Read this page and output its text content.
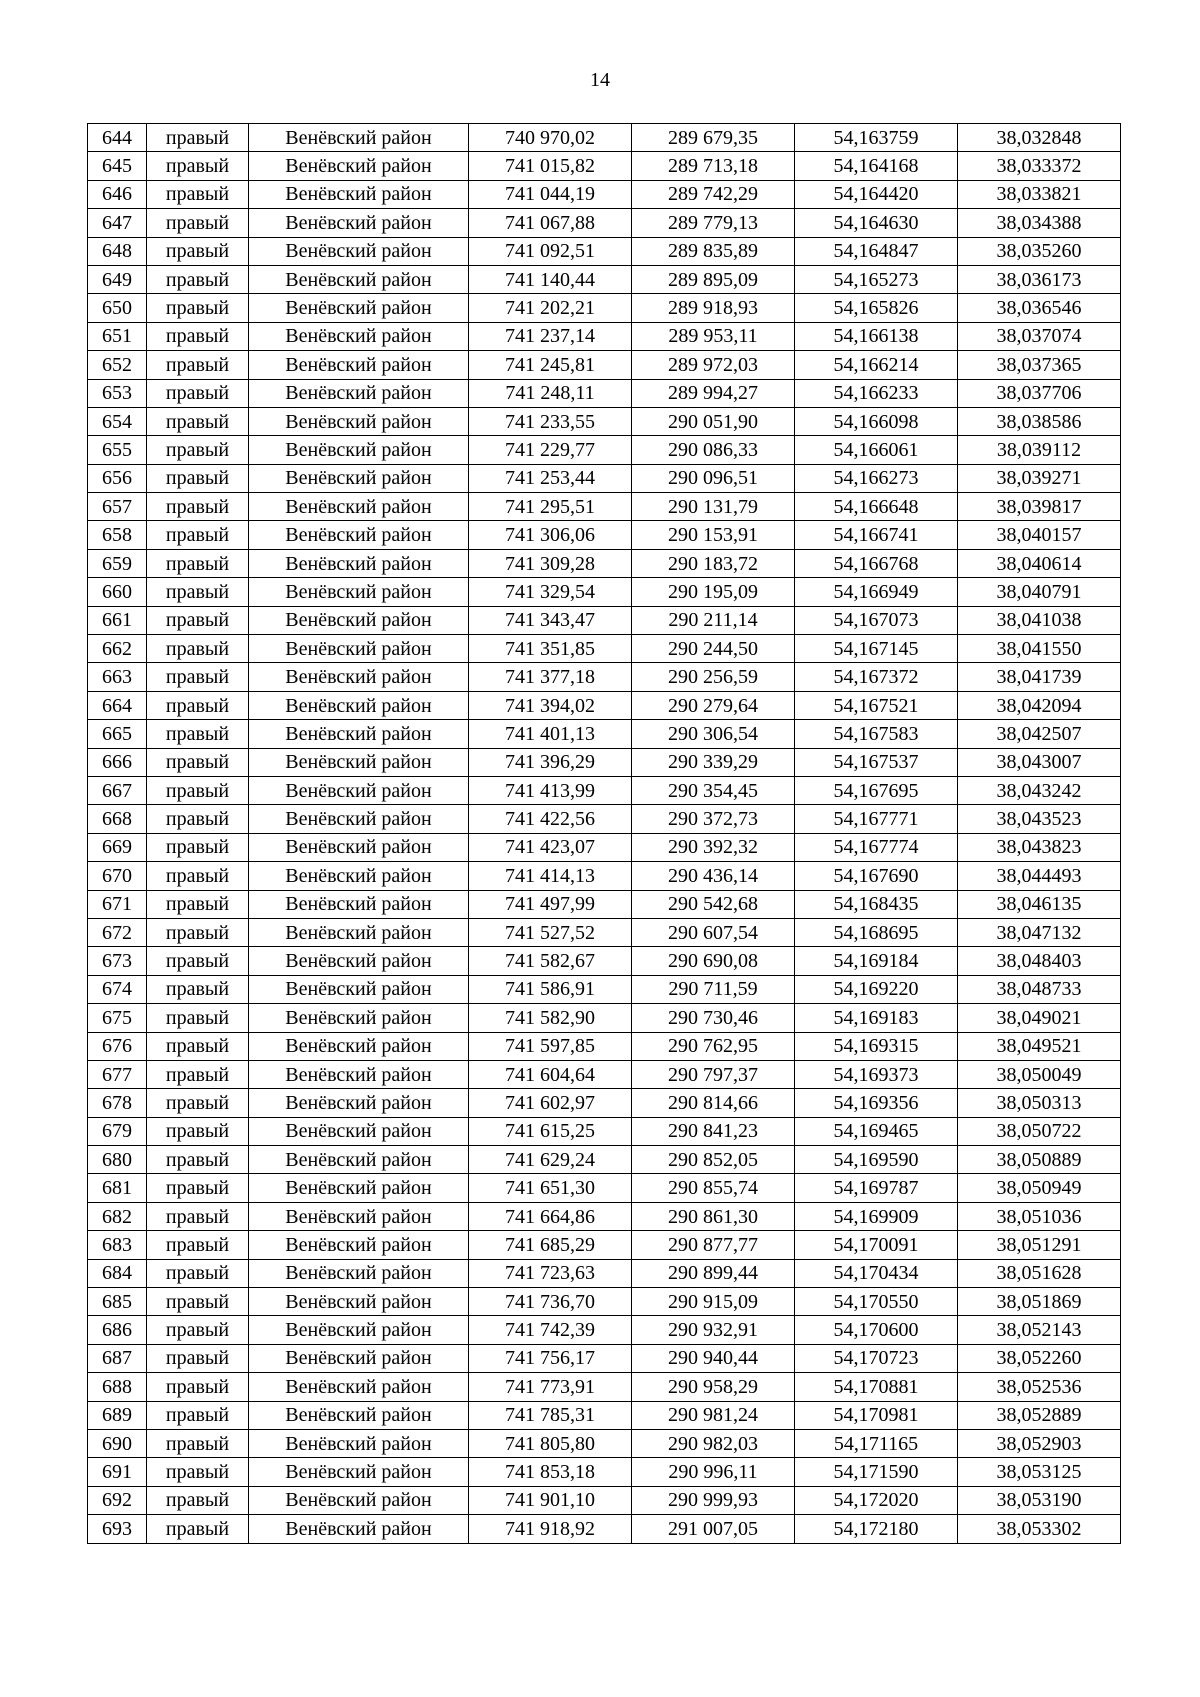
14
644	правый	Венёвский район	740 970,02	289 679,35	54,163759	38,032848
645	правый	Венёвский район	741 015,82	289 713,18	54,164168	38,033372
646	правый	Венёвский район	741 044,19	289 742,29	54,164420	38,033821
647	правый	Венёвский район	741 067,88	289 779,13	54,164630	38,034388
648	правый	Венёвский район	741 092,51	289 835,89	54,164847	38,035260
649	правый	Венёвский район	741 140,44	289 895,09	54,165273	38,036173
650	правый	Венёвский район	741 202,21	289 918,93	54,165826	38,036546
651	правый	Венёвский район	741 237,14	289 953,11	54,166138	38,037074
652	правый	Венёвский район	741 245,81	289 972,03	54,166214	38,037365
653	правый	Венёвский район	741 248,11	289 994,27	54,166233	38,037706
654	правый	Венёвский район	741 233,55	290 051,90	54,166098	38,038586
655	правый	Венёвский район	741 229,77	290 086,33	54,166061	38,039112
656	правый	Венёвский район	741 253,44	290 096,51	54,166273	38,039271
657	правый	Венёвский район	741 295,51	290 131,79	54,166648	38,039817
658	правый	Венёвский район	741 306,06	290 153,91	54,166741	38,040157
659	правый	Венёвский район	741 309,28	290 183,72	54,166768	38,040614
660	правый	Венёвский район	741 329,54	290 195,09	54,166949	38,040791
661	правый	Венёвский район	741 343,47	290 211,14	54,167073	38,041038
662	правый	Венёвский район	741 351,85	290 244,50	54,167145	38,041550
663	правый	Венёвский район	741 377,18	290 256,59	54,167372	38,041739
664	правый	Венёвский район	741 394,02	290 279,64	54,167521	38,042094
665	правый	Венёвский район	741 401,13	290 306,54	54,167583	38,042507
666	правый	Венёвский район	741 396,29	290 339,29	54,167537	38,043007
667	правый	Венёвский район	741 413,99	290 354,45	54,167695	38,043242
668	правый	Венёвский район	741 422,56	290 372,73	54,167771	38,043523
669	правый	Венёвский район	741 423,07	290 392,32	54,167774	38,043823
670	правый	Венёвский район	741 414,13	290 436,14	54,167690	38,044493
671	правый	Венёвский район	741 497,99	290 542,68	54,168435	38,046135
672	правый	Венёвский район	741 527,52	290 607,54	54,168695	38,047132
673	правый	Венёвский район	741 582,67	290 690,08	54,169184	38,048403
674	правый	Венёвский район	741 586,91	290 711,59	54,169220	38,048733
675	правый	Венёвский район	741 582,90	290 730,46	54,169183	38,049021
676	правый	Венёвский район	741 597,85	290 762,95	54,169315	38,049521
677	правый	Венёвский район	741 604,64	290 797,37	54,169373	38,050049
678	правый	Венёвский район	741 602,97	290 814,66	54,169356	38,050313
679	правый	Венёвский район	741 615,25	290 841,23	54,169465	38,050722
680	правый	Венёвский район	741 629,24	290 852,05	54,169590	38,050889
681	правый	Венёвский район	741 651,30	290 855,74	54,169787	38,050949
682	правый	Венёвский район	741 664,86	290 861,30	54,169909	38,051036
683	правый	Венёвский район	741 685,29	290 877,77	54,170091	38,051291
684	правый	Венёвский район	741 723,63	290 899,44	54,170434	38,051628
685	правый	Венёвский район	741 736,70	290 915,09	54,170550	38,051869
686	правый	Венёвский район	741 742,39	290 932,91	54,170600	38,052143
687	правый	Венёвский район	741 756,17	290 940,44	54,170723	38,052260
688	правый	Венёвский район	741 773,91	290 958,29	54,170881	38,052536
689	правый	Венёвский район	741 785,31	290 981,24	54,170981	38,052889
690	правый	Венёвский район	741 805,80	290 982,03	54,171165	38,052903
691	правый	Венёвский район	741 853,18	290 996,11	54,171590	38,053125
692	правый	Венёвский район	741 901,10	290 999,93	54,172020	38,053190
693	правый	Венёвский район	741 918,92	291 007,05	54,172180	38,053302
